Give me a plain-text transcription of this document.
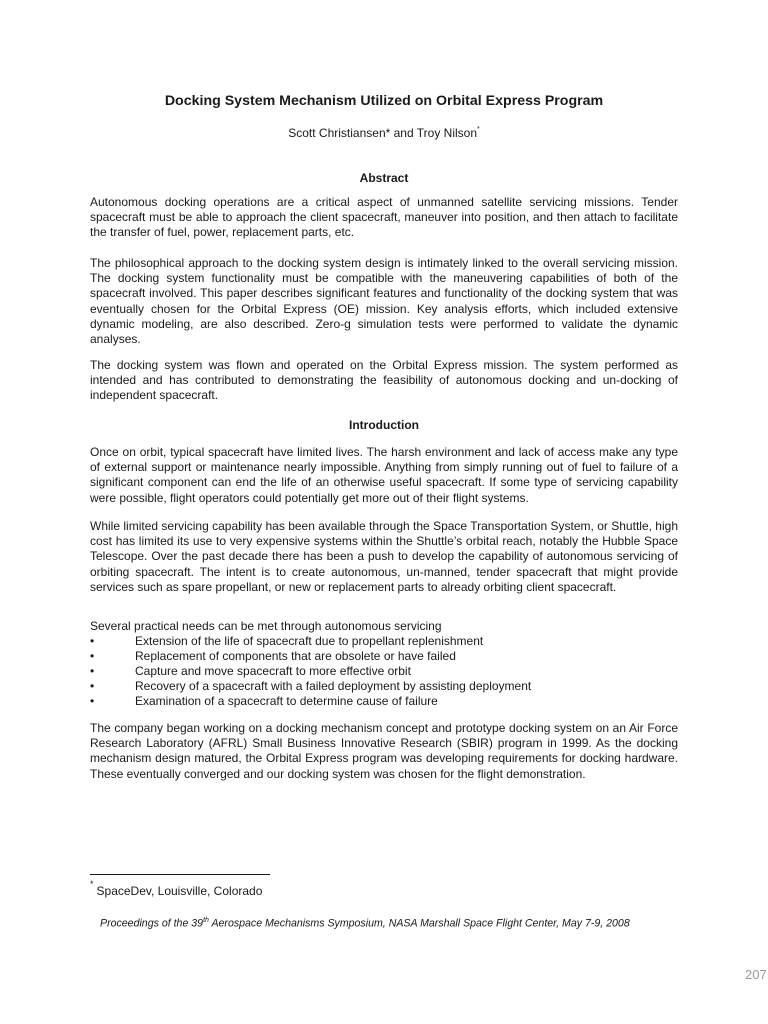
Docking System Mechanism Utilized on Orbital Express Program

Scott Christiansen* and Troy Nilson*

Abstract

Autonomous docking operations are a critical aspect of unmanned satellite servicing missions. Tender spacecraft must be able to approach the client spacecraft, maneuver into position, and then attach to facilitate the transfer of fuel, power, replacement parts, etc.

The philosophical approach to the docking system design is intimately linked to the overall servicing mission. The docking system functionality must be compatible with the maneuvering capabilities of both of the spacecraft involved. This paper describes significant features and functionality of the docking system that was eventually chosen for the Orbital Express (OE) mission. Key analysis efforts, which included extensive dynamic modeling, are also described. Zero-g simulation tests were performed to validate the dynamic analyses.

The docking system was flown and operated on the Orbital Express mission. The system performed as intended and has contributed to demonstrating the feasibility of autonomous docking and un-docking of independent spacecraft.

Introduction

Once on orbit, typical spacecraft have limited lives. The harsh environment and lack of access make any type of external support or maintenance nearly impossible. Anything from simply running out of fuel to failure of a significant component can end the life of an otherwise useful spacecraft. If some type of servicing capability were possible, flight operators could potentially get more out of their flight systems.

While limited servicing capability has been available through the Space Transportation System, or Shuttle, high cost has limited its use to very expensive systems within the Shuttle’s orbital reach, notably the Hubble Space Telescope. Over the past decade there has been a push to develop the capability of autonomous servicing of orbiting spacecraft. The intent is to create autonomous, un-manned, tender spacecraft that might provide services such as spare propellant, or new or replacement parts to already orbiting client spacecraft.

Several practical needs can be met through autonomous servicing

•	Extension of the life of spacecraft due to propellant replenishment
•	Replacement of components that are obsolete or have failed
•	Capture and move spacecraft to more effective orbit
•	Recovery of a spacecraft with a failed deployment by assisting deployment
•	Examination of a spacecraft to determine cause of failure

The company began working on a docking mechanism concept and prototype docking system on an Air Force Research Laboratory (AFRL) Small Business Innovative Research (SBIR) program in 1999. As the docking mechanism design matured, the Orbital Express program was developing requirements for docking hardware. These eventually converged and our docking system was chosen for the flight demonstration.

* SpaceDev, Louisville, Colorado

Proceedings of the 39th Aerospace Mechanisms Symposium, NASA Marshall Space Flight Center, May 7-9, 2008

207
